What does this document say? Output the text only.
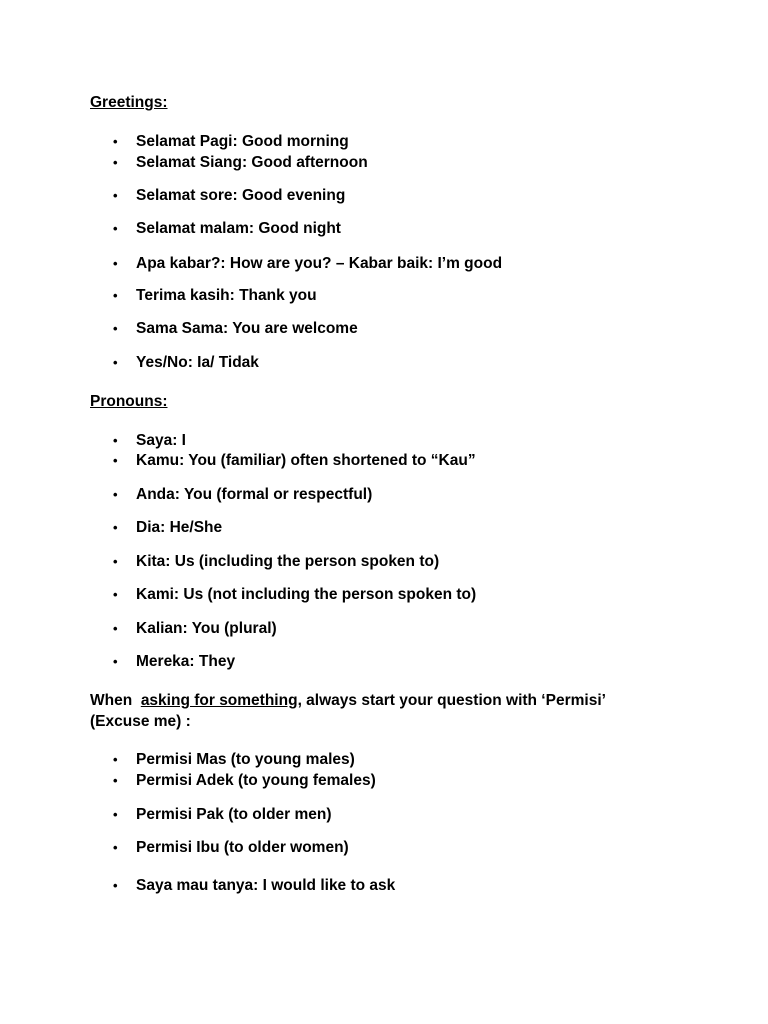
Greetings:
• Selamat Pagi: Good morning
• Selamat Siang: Good afternoon
• Selamat sore: Good evening
• Selamat malam: Good night
• Apa kabar?: How are you? – Kabar baik: I’m good
• Terima kasih: Thank you
• Sama Sama: You are welcome
• Yes/No: Ia/ Tidak
Pronouns:
• Saya: I
• Kamu: You (familiar) often shortened to “Kau”
• Anda: You (formal or respectful)
• Dia: He/She
• Kita: Us (including the person spoken to)
• Kami: Us (not including the person spoken to)
• Kalian: You (plural)
• Mereka: They
When  asking for something, always start your question with ‘Permisi’
(Excuse me) :
• Permisi Mas (to young males)
• Permisi Adek (to young females)
• Permisi Pak (to older men)
• Permisi Ibu (to older women)
• Saya mau tanya: I would like to ask
